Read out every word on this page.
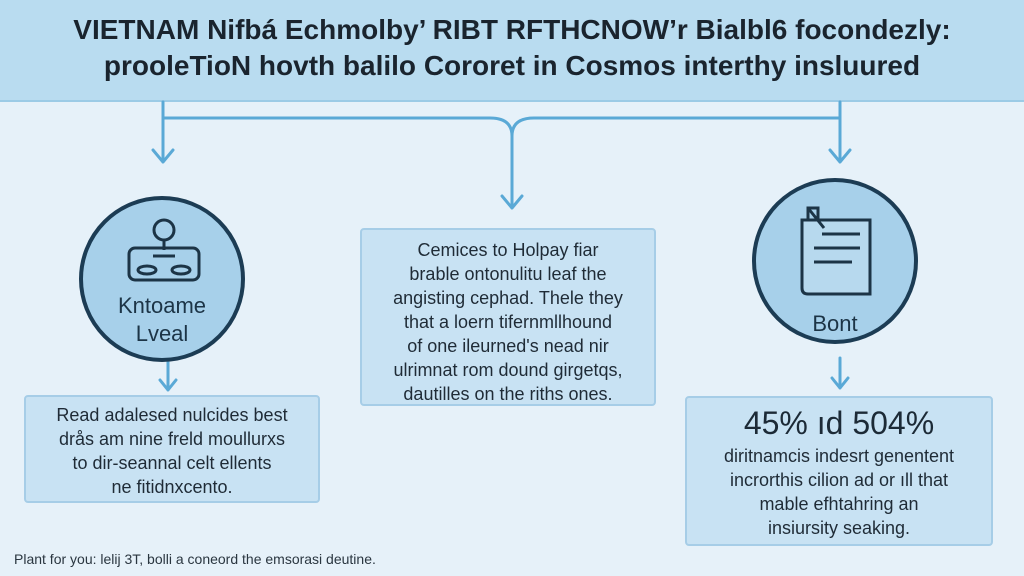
VIETNAM Nifbá Echmolby’ RIBT RFTHCNOW’r Bialbl6 focondezly:
prooleTioN hovth balilo Cororet in Cosmos interthy insluured
Kntoame
Lveal	Bont
Read adalesed nulcides best
drås am nine freld moullurxs
to dir-seannal celt ellents
ne fitidnxcento.
Cemices to Holpay fiar
brable ontonulitu leaf the
angisting cephad. Thele they
that a loern tifernmllhound
of one ileurned's nead nir
ulrimnat rom dound girgetqs,
dautilles on the riths ones.
45% ıd 504%
diritnamcis indesrt genentent
incrorthis cilion ad or ıll that
mable efhtahring an
insiursity seaking.
Plant for you: lelij 3T, bolli a coneord the emsorasi deutine.
